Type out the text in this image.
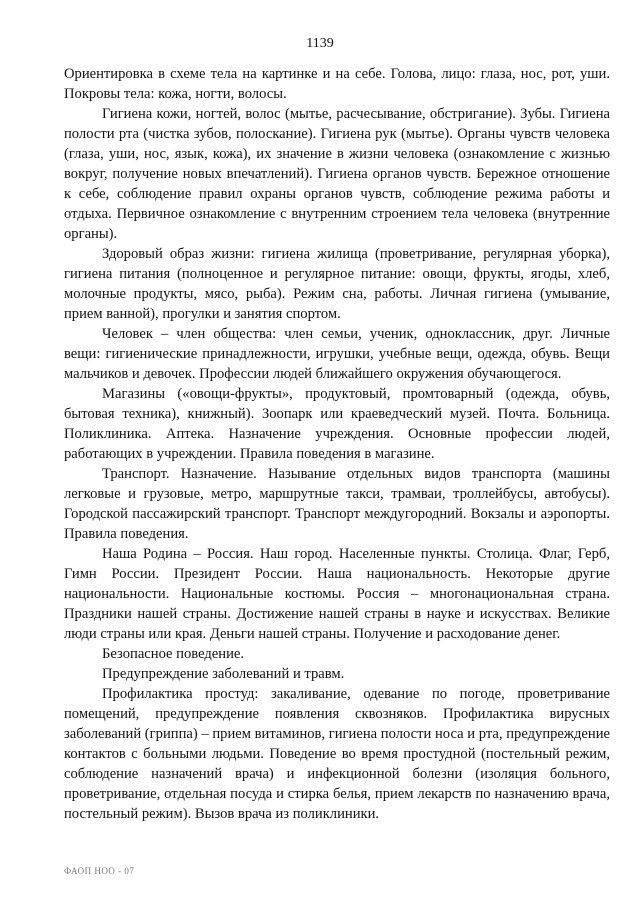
1139

Ориентировка в схеме тела на картинке и на себе. Голова, лицо: глаза, нос, рот, уши. Покровы тела: кожа, ногти, волосы.

Гигиена кожи, ногтей, волос (мытье, расчесывание, обстригание). Зубы. Гигиена полости рта (чистка зубов, полоскание). Гигиена рук (мытье). Органы чувств человека (глаза, уши, нос, язык, кожа), их значение в жизни человека (ознакомление с жизнью вокруг, получение новых впечатлений). Гигиена органов чувств. Бережное отношение к себе, соблюдение правил охраны органов чувств, соблюдение режима работы и отдыха. Первичное ознакомление с внутренним строением тела человека (внутренние органы).

Здоровый образ жизни: гигиена жилища (проветривание, регулярная уборка), гигиена питания (полноценное и регулярное питание: овощи, фрукты, ягоды, хлеб, молочные продукты, мясо, рыба). Режим сна, работы. Личная гигиена (умывание, прием ванной), прогулки и занятия спортом.

Человек – член общества: член семьи, ученик, одноклассник, друг. Личные вещи: гигиенические принадлежности, игрушки, учебные вещи, одежда, обувь. Вещи мальчиков и девочек. Профессии людей ближайшего окружения обучающегося.

Магазины («овощи-фрукты», продуктовый, промтоварный (одежда, обувь, бытовая техника), книжный). Зоопарк или краеведческий музей. Почта. Больница. Поликлиника. Аптека. Назначение учреждения. Основные профессии людей, работающих в учреждении. Правила поведения в магазине.

Транспорт. Назначение. Называние отдельных видов транспорта (машины легковые и грузовые, метро, маршрутные такси, трамваи, троллейбусы, автобусы). Городской пассажирский транспорт. Транспорт междугородний. Вокзалы и аэропорты. Правила поведения.

Наша Родина – Россия. Наш город. Населенные пункты. Столица. Флаг, Герб, Гимн России. Президент России. Наша национальность. Некоторые другие национальности. Национальные костюмы. Россия – многонациональная страна. Праздники нашей страны. Достижение нашей страны в науке и искусствах. Великие люди страны или края. Деньги нашей страны. Получение и расходование денег.

Безопасное поведение.

Предупреждение заболеваний и травм.

Профилактика простуд: закаливание, одевание по погоде, проветривание помещений, предупреждение появления сквозняков. Профилактика вирусных заболеваний (гриппа) – прием витаминов, гигиена полости носа и рта, предупреждение контактов с больными людьми. Поведение во время простудной (постельный режим, соблюдение назначений врача) и инфекционной болезни (изоляция больного, проветривание, отдельная посуда и стирка белья, прием лекарств по назначению врача, постельный режим). Вызов врача из поликлиники.

ФАОП НОО - 07
